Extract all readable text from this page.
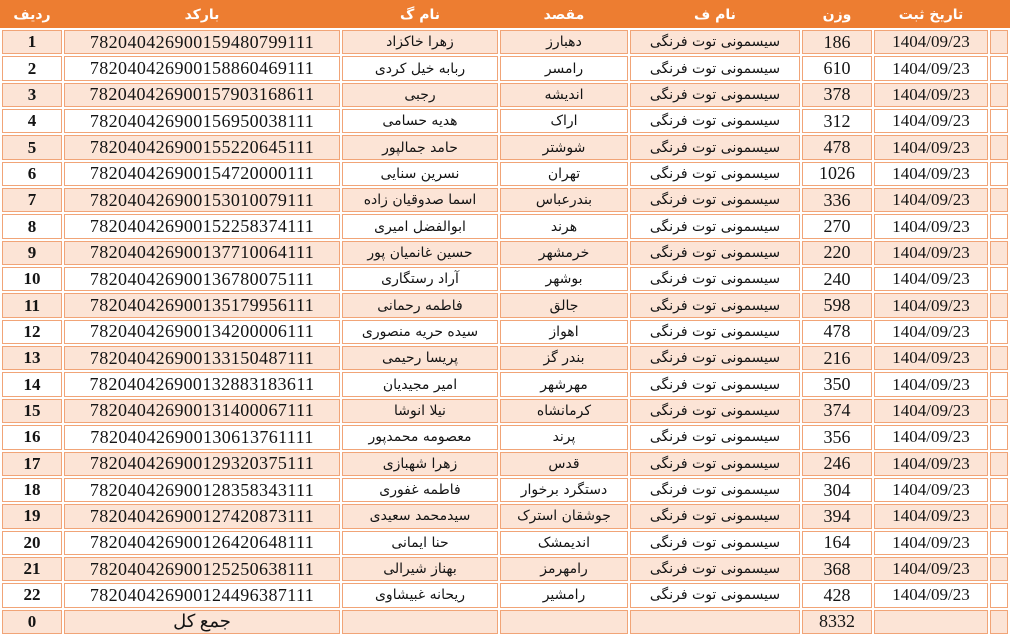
ردیف	بارکد	نام گ	مقصد	نام ف	وزن	تاریخ ثبت	
1	782040426900159480799111	زهرا خاکزاد	دهبارز	سیسمونی توت فرنگی	186	1404/09/23	
2	782040426900158860469111	ربابه خیل کردی	رامسر	سیسمونی توت فرنگی	610	1404/09/23	
3	782040426900157903168611	رجبی	اندیشه	سیسمونی توت فرنگی	378	1404/09/23	
4	782040426900156950038111	هدیه حسامی	اراک	سیسمونی توت فرنگی	312	1404/09/23	
5	782040426900155220645111	حامد جمالپور	شوشتر	سیسمونی توت فرنگی	478	1404/09/23	
6	782040426900154720000111	نسرین سنایی	تهران	سیسمونی توت فرنگی	1026	1404/09/23	
7	782040426900153010079111	اسما صدوقیان زاده	بندرعباس	سیسمونی توت فرنگی	336	1404/09/23	
8	782040426900152258374111	ابوالفضل امیری	هرند	سیسمونی توت فرنگی	270	1404/09/23	
9	782040426900137710064111	حسین غانمیان پور	خرمشهر	سیسمونی توت فرنگی	220	1404/09/23	
10	782040426900136780075111	آراد رستگاری	بوشهر	سیسمونی توت فرنگی	240	1404/09/23	
11	782040426900135179956111	فاطمه رحمانی	جالق	سیسمونی توت فرنگی	598	1404/09/23	
12	782040426900134200006111	سیده حریه منصوری	اهواز	سیسمونی توت فرنگی	478	1404/09/23	
13	782040426900133150487111	پریسا رحیمی	بندر گز	سیسمونی توت فرنگی	216	1404/09/23	
14	782040426900132883183611	امیر مجیدیان	مهرشهر	سیسمونی توت فرنگی	350	1404/09/23	
15	782040426900131400067111	نیلا انوشا	کرمانشاه	سیسمونی توت فرنگی	374	1404/09/23	
16	782040426900130613761111	معصومه محمدپور	پرند	سیسمونی توت فرنگی	356	1404/09/23	
17	782040426900129320375111	زهرا شهبازی	قدس	سیسمونی توت فرنگی	246	1404/09/23	
18	782040426900128358343111	فاطمه غفوری	دستگرد برخوار	سیسمونی توت فرنگی	304	1404/09/23	
19	782040426900127420873111	سیدمحمد سعیدی	جوشقان استرک	سیسمونی توت فرنگی	394	1404/09/23	
20	782040426900126420648111	حنا ایمانی	اندیمشک	سیسمونی توت فرنگی	164	1404/09/23	
21	782040426900125250638111	بهناز شیرالی	رامهرمز	سیسمونی توت فرنگی	368	1404/09/23	
22	782040426900124496387111	ریحانه غبیشاوی	رامشیر	سیسمونی توت فرنگی	428	1404/09/23	
0	جمع کل				8332		
